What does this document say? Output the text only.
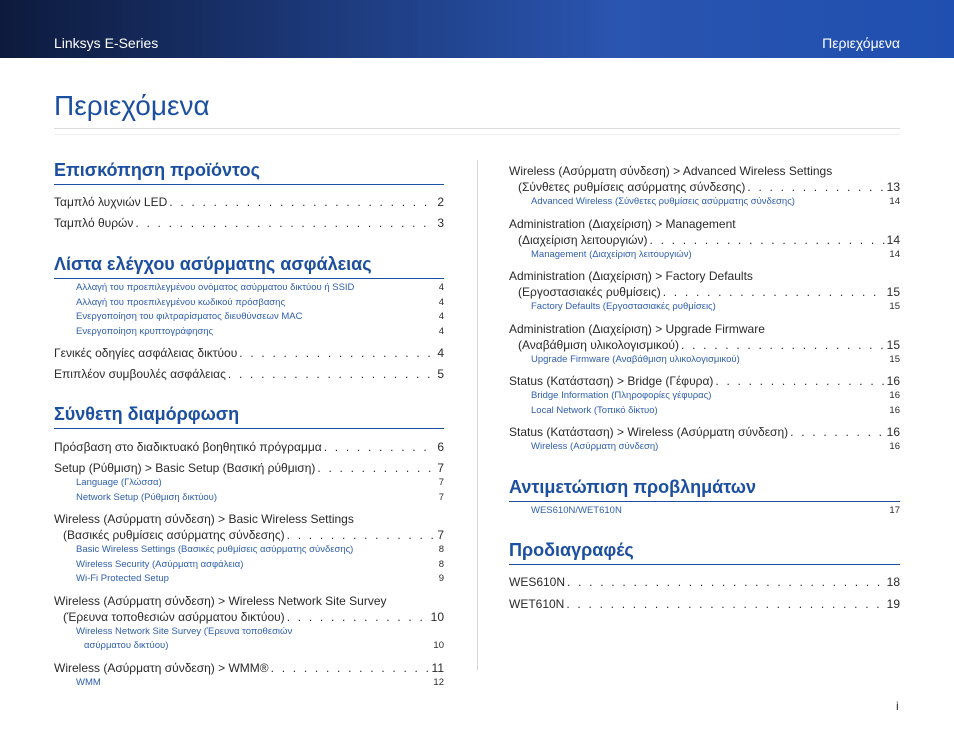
Linksys E-Series	Περιεχόμενα
Περιεχόμενα
Επισκόπηση προϊόντος
Ταμπλό λυχνιών LED . . .	2
Ταμπλό θυρών . . .	3
Λίστα ελέγχου ασύρματης ασφάλειας
Αλλαγή του προεπιλεγμένου ονόματος ασύρματου δικτύου ή SSID	4
Αλλαγή του προεπιλεγμένου κωδικού πρόσβασης	4
Ενεργοποίηση του φιλτραρίσματος διευθύνσεων MAC	4
Ενεργοποίηση κρυπτογράφησης	4
Γενικές οδηγίες ασφάλειας δικτύου . . .	4
Επιπλέον συμβουλές ασφάλειας . . .	5
Σύνθετη διαμόρφωση
Πρόσβαση στο διαδικτυακό βοηθητικό πρόγραμμα . . .	6
Setup (Ρύθμιση) > Basic Setup (Βασική ρύθμιση) . . .	7
Language (Γλώσσα)	7
Network Setup (Ρύθμιση δικτύου)	7
Wireless (Ασύρματη σύνδεση) > Basic Wireless Settings
(Βασικές ρυθμίσεις ασύρματης σύνδεσης) . . .	7
Basic Wireless Settings (Βασικές ρυθμίσεις ασύρματης σύνδεσης)	8
Wireless Security (Ασύρματη ασφάλεια)	8
Wi-Fi Protected Setup	9
Wireless (Ασύρματη σύνδεση) > Wireless Network Site Survey
(Έρευνα τοποθεσιών ασύρματου δικτύου) . . .	10
Wireless Network Site Survey (Έρευνα τοποθεσιών
ασύρματου δικτύου)	10
Wireless (Ασύρματη σύνδεση) > WMM® . . .	11
WMM	12
Wireless (Ασύρματη σύνδεση) > Advanced Wireless Settings
(Σύνθετες ρυθμίσεις ασύρματης σύνδεσης) . . .	13
Advanced Wireless (Σύνθετες ρυθμίσεις ασύρματης σύνδεσης)	14
Administration (Διαχείριση) > Management
(Διαχείριση λειτουργιών) . . .	14
Management (Διαχείριση λειτουργιών)	14
Administration (Διαχείριση) > Factory Defaults
(Εργοστασιακές ρυθμίσεις) . . .	15
Factory Defaults (Εργοστασιακές ρυθμίσεις)	15
Administration (Διαχείριση) > Upgrade Firmware
(Αναβάθμιση υλικολογισμικού) . . .	15
Upgrade Firmware (Αναβάθμιση υλικολογισμικού)	15
Status (Κατάσταση) > Bridge (Γέφυρα) . . .	16
Bridge Information (Πληροφορίες γέφυρας)	16
Local Network (Τοπικό δίκτυο)	16
Status (Κατάσταση) > Wireless (Ασύρματη σύνδεση) . . .	16
Wireless (Ασύρματη σύνδεση)	16
Αντιμετώπιση προβλημάτων
WES610N/WET610N	17
Προδιαγραφές
WES610N . . .	18
WET610N . . .	19
i
